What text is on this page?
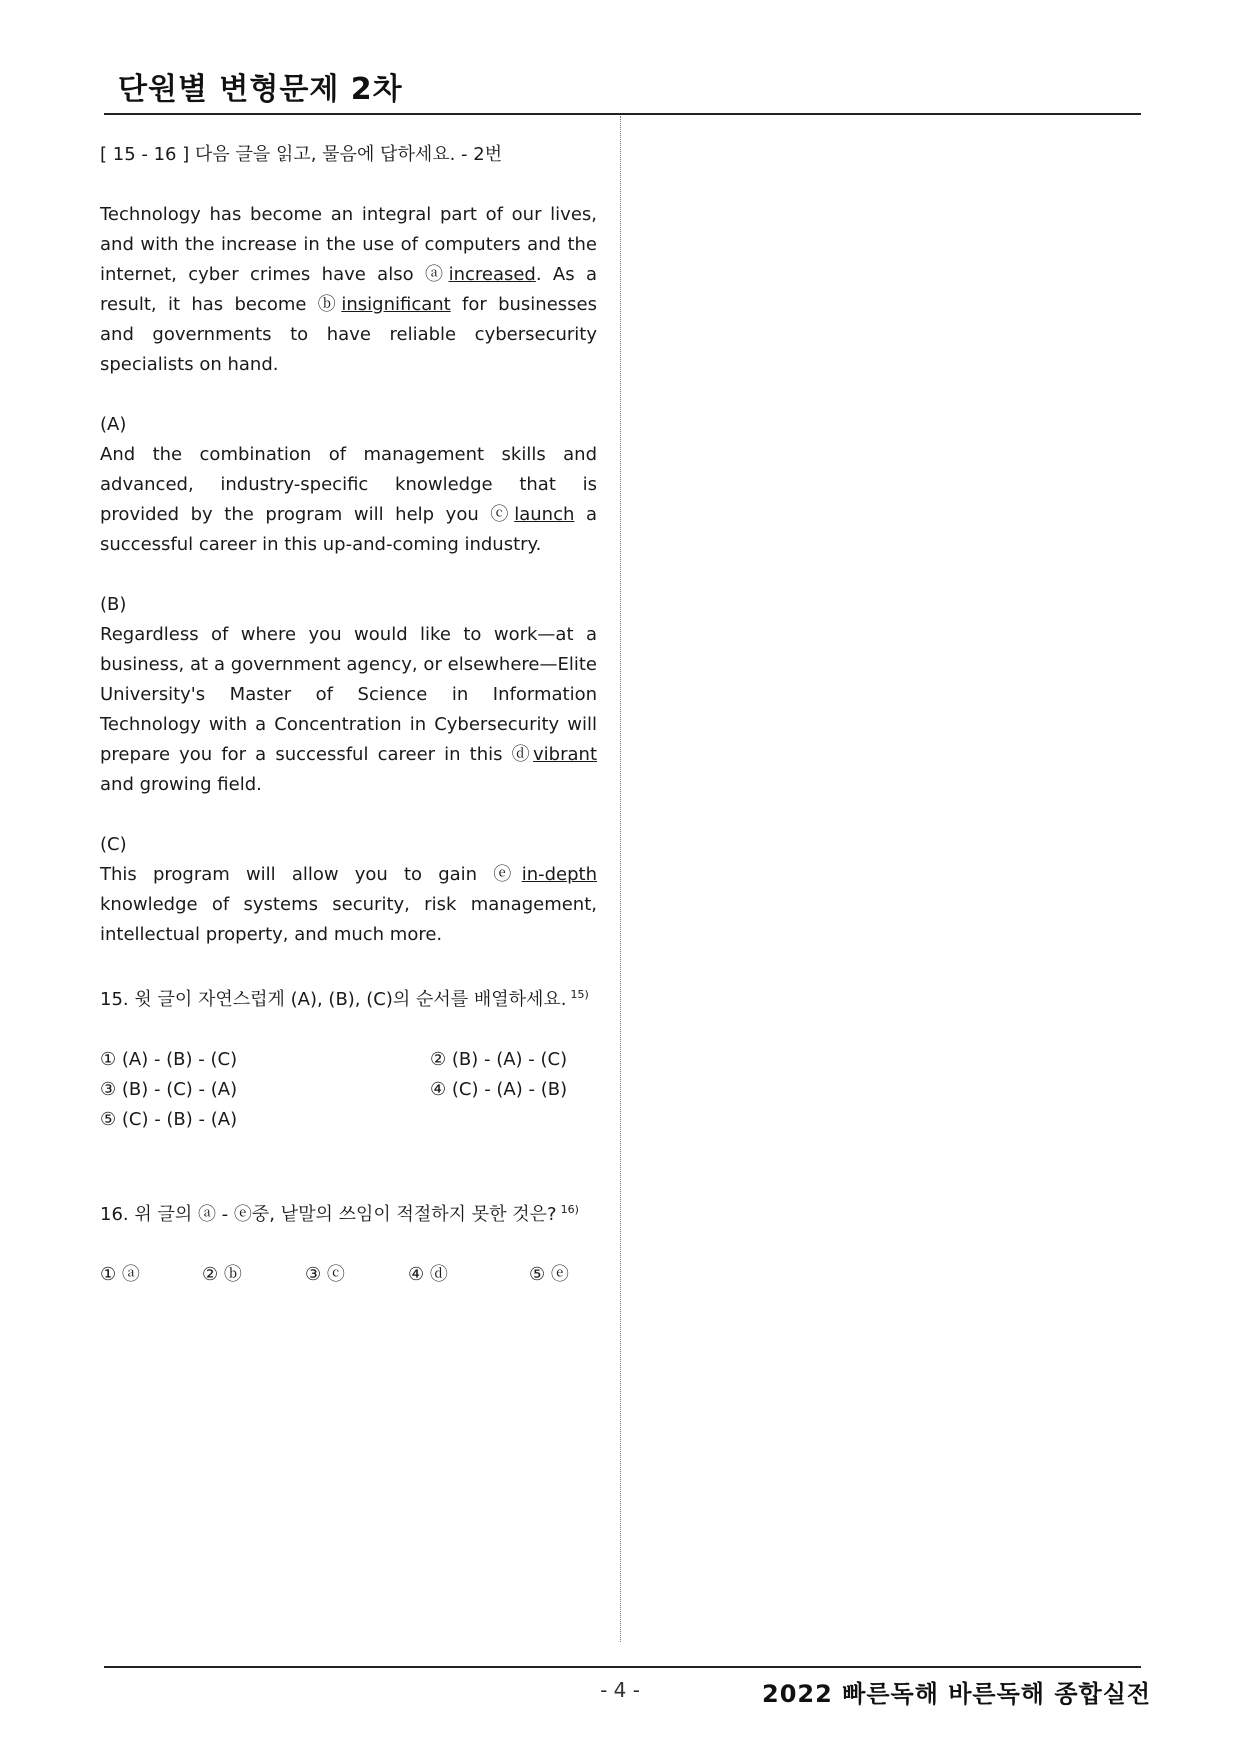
단원별 변형문제 2차

[ 15 - 16 ] 다음 글을 읽고, 물음에 답하세요. - 2번

Technology has become an integral part of our lives, and with the increase in the use of computers and the internet, cyber crimes have also ⓐincreased. As a result, it has become ⓑinsignificant for businesses and governments to have reliable cybersecurity specialists on hand.

(A)

And the combination of management skills and advanced, industry-specific knowledge that is provided by the program will help you ⓒlaunch a successful career in this up-and-coming industry.

(B)

Regardless of where you would like to work—at a business, at a government agency, or elsewhere—Elite University's Master of Science in Information Technology with a Concentration in Cybersecurity will prepare you for a successful career in this ⓓvibrant and growing field.

(C)

This program will allow you to gain ⓔin-depth knowledge of systems security, risk management, intellectual property, and much more.

15. 윗 글이 자연스럽게 (A), (B), (C)의 순서를 배열하세요. $^{15)}$

① (A) - (B) - (C)	② (B) - (A) - (C)
③ (B) - (C) - (A)	④ (C) - (A) - (B)
⑤ (C) - (B) - (A)

16. 위 글의 ⓐ - ⓔ중, 낱말의 쓰임이 적절하지 못한 것은? $^{16)}$

① ⓐ	② ⓑ	③ ⓒ	④ ⓓ	⑤ ⓔ
- 4 -	2022 빠른독해 바른독해 종합실전
